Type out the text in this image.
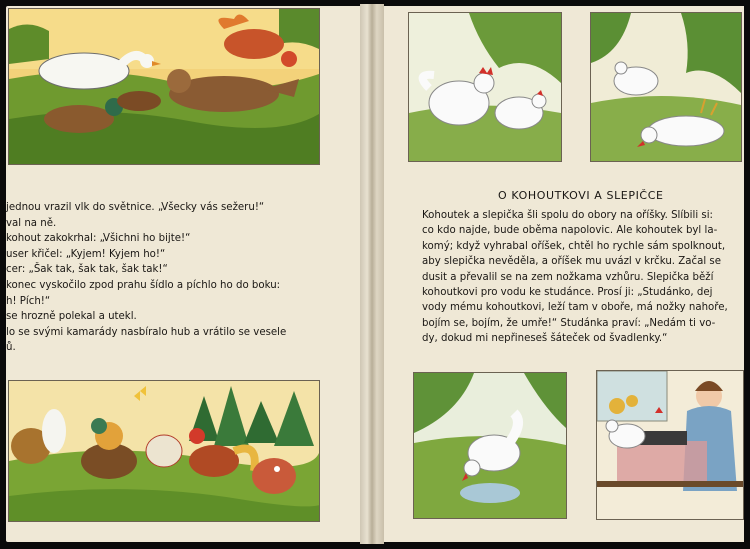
jednou vrazil vlk do světnice. „Všecky vás sežeru!“

val na ně.

kohout zakokrhal: „Všichni ho bijte!“

user křičel: „Kyjem! Kyjem ho!“

cer: „Šak tak, šak tak, šak tak!“

konec vyskočilo zpod prahu šídlo a píchlo ho do boku:

h! Pích!“

se hrozně polekal a utekl.

lo se svými kamarády nasbíralo hub a vrátilo se vesele

ů.

O KOHOUTKOVI A SLEPIČCE

Kohoutek a slepička šli spolu do obory na oříšky. Slíbili si:

co kdo najde, bude oběma napolovic. Ale kohoutek byl la-

komý; když vyhrabal oříšek, chtěl ho rychle sám spolknout,

aby slepička nevěděla, a oříšek mu uvázl v krčku. Začal se

dusit a převalil se na zem nožkama vzhůru. Slepička běží

kohoutkovi pro vodu ke studánce. Prosí ji: „Studánko, dej

vody mému kohoutkovi, leží tam v oboře, má nožky nahoře,

bojím se, bojím, že umře!“ Studánka praví: „Nedám ti vo-

dy, dokud mi nepřineseš šáteček od švadlenky.“
